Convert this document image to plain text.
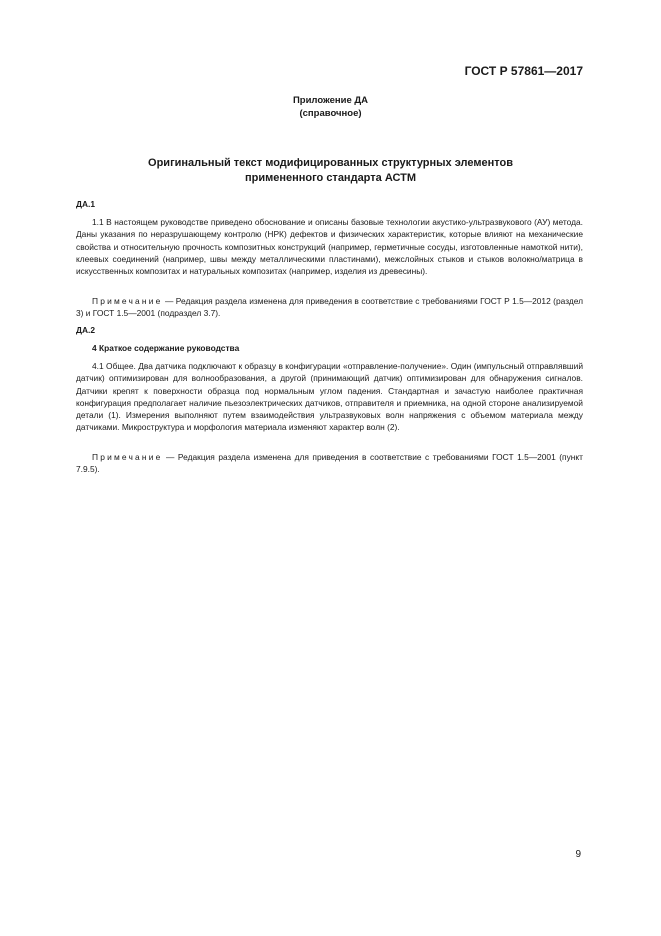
ГОСТ Р 57861—2017
Приложение ДА
(справочное)
Оригинальный текст модифицированных структурных элементов
примененного стандарта АСТМ
ДА.1
1.1 В настоящем руководстве приведено обоснование и описаны базовые технологии акустико-ультразвукового (АУ) метода. Даны указания по неразрушающему контролю (НРК) дефектов и физических характеристик, которые влияют на механические свойства и относительную прочность композитных конструкций (например, герметичные сосуды, изготовленные намоткой нити), клеевых соединений (например, швы между металлическими пластинами), межслойных стыков и стыков волокно/матрица в искусственных композитах и натуральных композитах (например, изделия из древесины).
Примечание — Редакция раздела изменена для приведения в соответствие с требованиями ГОСТ Р 1.5—2012 (раздел 3) и ГОСТ 1.5—2001 (подраздел 3.7).
ДА.2
4 Краткое содержание руководства
4.1 Общее. Два датчика подключают к образцу в конфигурации «отправление-получение». Один (импульсный отправлявший датчик) оптимизирован для волнообразования, а другой (принимающий датчик) оптимизирован для обнаружения сигналов. Датчики крепят к поверхности образца под нормальным углом падения. Стандартная и зачастую наиболее практичная конфигурация предполагает наличие пьезоэлектрических датчиков, отправителя и приемника, на одной стороне анализируемой детали (1). Измерения выполняют путем взаимодействия ультразвуковых волн напряжения с объемом материала между датчиками. Микроструктура и морфология материала изменяют характер волн (2).
Примечание — Редакция раздела изменена для приведения в соответствие с требованиями ГОСТ 1.5—2001 (пункт 7.9.5).
9
